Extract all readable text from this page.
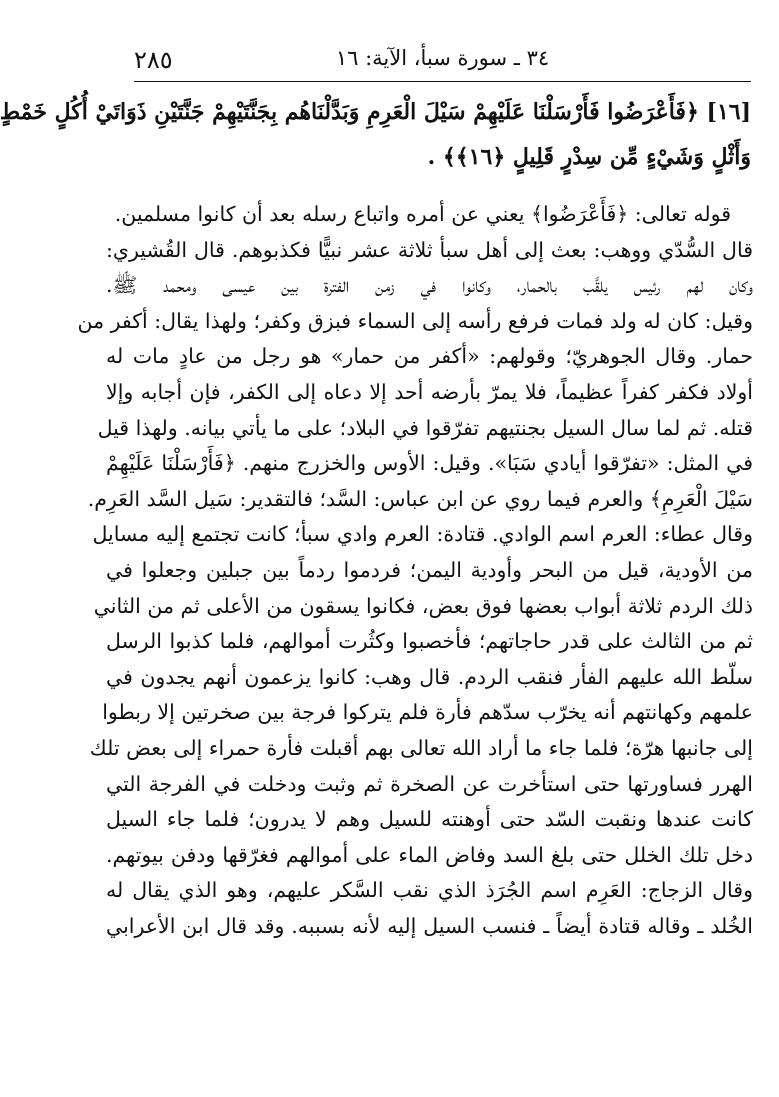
٣٤ ـ سورة سبأ، الآية: ١٦
٢٨٥
[١٦] ﴿فَأَعْرَضُوا فَأَرْسَلْنَا عَلَيْهِمْ سَيْلَ الْعَرِمِ وَبَدَّلْنَاهُم بِجَنَّتَيْهِمْ جَنَّتَيْنِ ذَوَاتَيْ أُكُلٍ خَمْطٍ
وَأَثْلٍ وَشَيْءٍ مِّن سِدْرٍ قَلِيلٍ ﴿١٦﴾﴾ .
قوله تعالى: ﴿فَأَعْرَضُوا﴾ يعني عن أمره واتباع رسله بعد أن كانوا مسلمين.
قال السُّدّي ووهب: بعث إلى أهل سبأ ثلاثة عشر نبيًّا فكذبوهم. قال القُشيري:
وكان لهم رئيس يلقَّب بالحمار، وكانوا في زمن الفترة بين عيسى ومحمد ﷺ.
وقيل: كان له ولد فمات فرفع رأسه إلى السماء فبزق وكفر؛ ولهذا يقال: أكفر من
حمار. وقال الجوهريّ؛ وقولهم: «أكفر من حمار» هو رجل من عادٍ مات له
أولاد فكفر كفراً عظيماً، فلا يمرّ بأرضه أحد إلا دعاه إلى الكفر، فإن أجابه وإلا
قتله. ثم لما سال السيل بجنتيهم تفرّقوا في البلاد؛ على ما يأتي بيانه. ولهذا قيل
في المثل: «تفرّقوا أيادي سَبَا». وقيل: الأوس والخزرج منهم. ﴿فَأَرْسَلْنَا عَلَيْهِمْ
سَيْلَ الْعَرِمِ﴾ والعرم فيما روي عن ابن عباس: السَّد؛ فالتقدير: سَيل السَّد العَرِم.
وقال عطاء: العرم اسم الوادي. قتادة: العرم وادي سبأ؛ كانت تجتمع إليه مسايل
من الأودية، قيل من البحر وأودية اليمن؛ فردموا ردماً بين جبلين وجعلوا في
ذلك الردم ثلاثة أبواب بعضها فوق بعض، فكانوا يسقون من الأعلى ثم من الثاني
ثم من الثالث على قدر حاجاتهم؛ فأخصبوا وكثُرت أموالهم، فلما كذبوا الرسل
سلّط الله عليهم الفأر فنقب الردم. قال وهب: كانوا يزعمون أنهم يجدون في
علمهم وكهانتهم أنه يخرّب سدّهم فأرة فلم يتركوا فرجة بين صخرتين إلا ربطوا
إلى جانبها هرّة؛ فلما جاء ما أراد الله تعالى بهم أقبلت فأرة حمراء إلى بعض تلك
الهرر فساورتها حتى استأخرت عن الصخرة ثم وثبت ودخلت في الفرجة التي
كانت عندها ونقبت السّد حتى أوهنته للسيل وهم لا يدرون؛ فلما جاء السيل
دخل تلك الخلل حتى بلغ السد وفاض الماء على أموالهم فغرّقها ودفن بيوتهم.
وقال الزجاج: العَرِم اسم الجُرَذ الذي نقب السَّكر عليهم، وهو الذي يقال له
الخُلد ـ وقاله قتادة أيضاً ـ فنسب السيل إليه لأنه بسببه. وقد قال ابن الأعرابي
